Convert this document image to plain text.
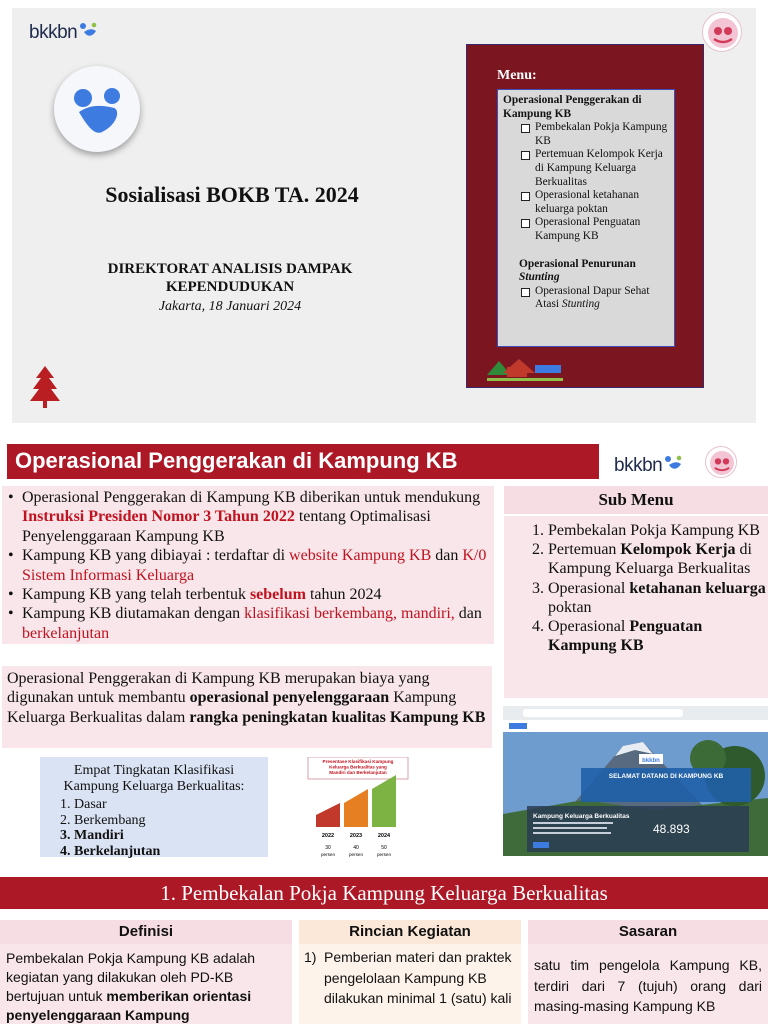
bkkbn
Sosialisasi BOKB TA. 2024
DIREKTORAT ANALISIS DAMPAK KEPENDUDUKAN
Jakarta, 18 Januari 2024
Menu:
Operasional Penggerakan di Kampung KB
Pembekalan Pokja Kampung KB
Pertemuan Kelompok Kerja di Kampung Keluarga Berkualitas
Operasional ketahanan keluarga poktan
Operasional Penguatan Kampung KB
Operasional Penurunan
Stunting
Operasional Dapur Sehat Atasi Stunting
Operasional Penggerakan di Kampung KB	bkkbn
• Operasional Penggerakan di Kampung KB diberikan untuk mendukung Instruksi Presiden Nomor 3 Tahun 2022 tentang Optimalisasi Penyelenggaraan Kampung KB
• Kampung KB yang dibiayai : terdaftar di website Kampung KB dan K/0 Sistem Informasi Keluarga
• Kampung KB yang telah terbentuk sebelum tahun 2024
• Kampung KB diutamakan dengan klasifikasi berkembang, mandiri, dan berkelanjutan
Operasional Penggerakan di Kampung KB merupakan biaya yang digunakan untuk membantu operasional penyelenggaraan Kampung Keluarga Berkualitas dalam rangka peningkatan kualitas Kampung KB
Sub Menu
1. Pembekalan Pokja Kampung KB
2. Pertemuan Kelompok Kerja di Kampung Keluarga Berkualitas
3. Operasional ketahanan keluarga poktan
4. Operasional Penguatan Kampung KB
Empat Tingkatan Klasifikasi Kampung Keluarga Berkualitas:
1. Dasar
2. Berkembang
3. Mandiri
4. Berkelanjutan
Presentase Klasifikasi Kampung Keluarga Berkualitas yang Mandiri dan Berkelanjutan
2022	2023	2024
30	40	50
persen	persen	persen
bkkbn
SELAMAT DATANG DI KAMPUNG KB
Kampung Keluarga Berkualitas
48.893
1. Pembekalan Pokja Kampung Keluarga Berkualitas
Definisi	Rincian Kegiatan	Sasaran
Pembekalan Pokja Kampung KB adalah kegiatan yang dilakukan oleh PD-KB bertujuan untuk memberikan orientasi penyelenggaraan Kampung
1) Pemberian materi dan praktek pengelolaan Kampung KB dilakukan minimal 1 (satu) kali
satu tim pengelola Kampung KB, terdiri dari 7 (tujuh) orang dari masing-masing Kampung KB
